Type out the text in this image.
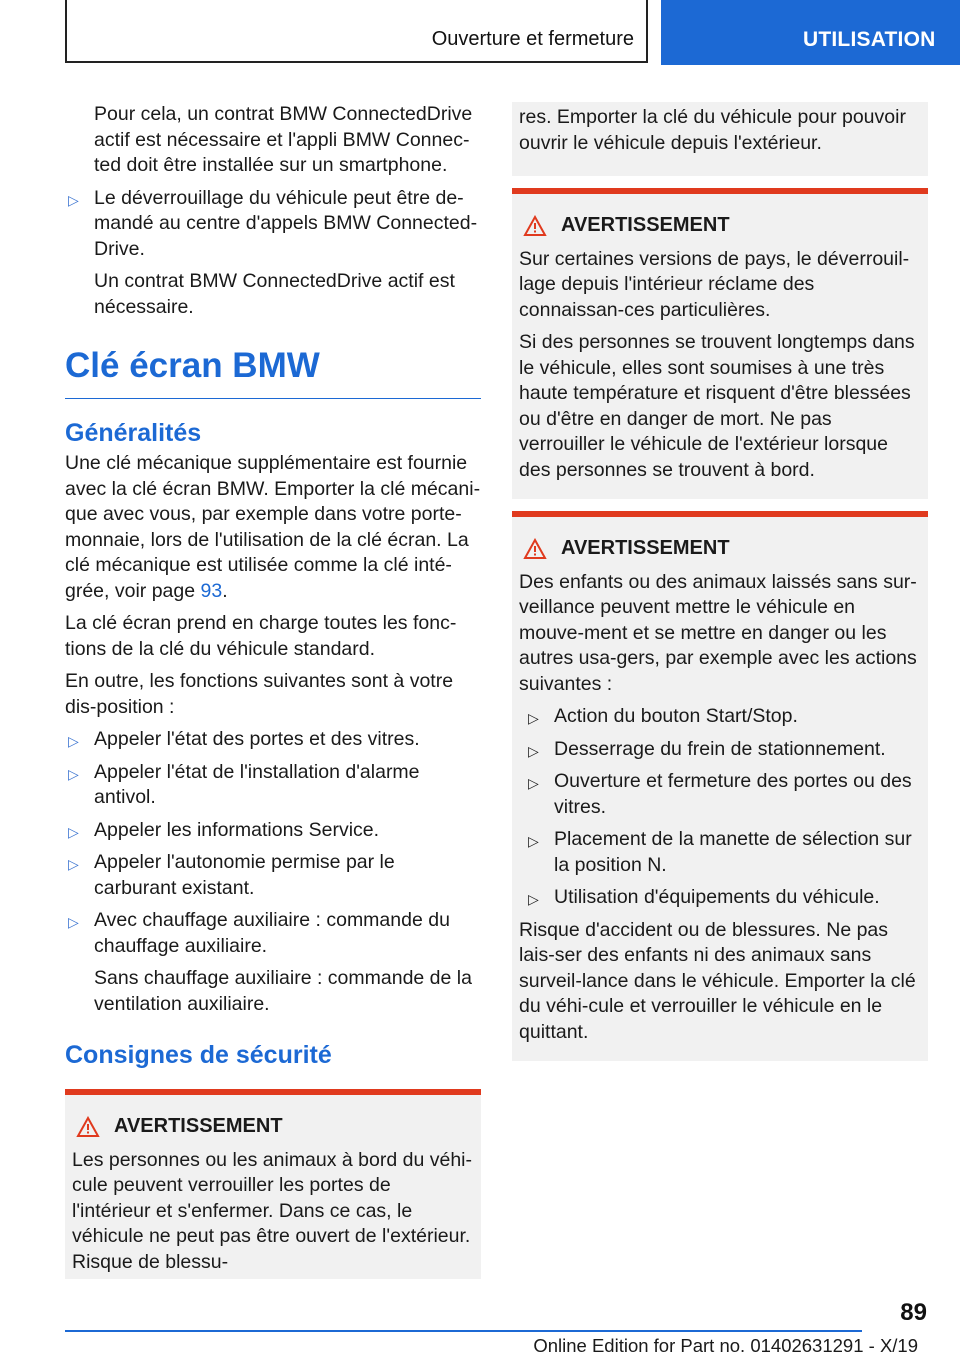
Ouverture et fermeture	UTILISATION

Pour cela, un contrat BMW ConnectedDrive actif est nécessaire et l'appli BMW Connec-ted doit être installée sur un smartphone.

▷ Le déverrouillage du véhicule peut être de-mandé au centre d'appels BMW Connected-Drive.

Un contrat BMW ConnectedDrive actif est nécessaire.

Clé écran BMW
Généralités

Une clé mécanique supplémentaire est fournie avec la clé écran BMW. Emporter la clé mécani-que avec vous, par exemple dans votre porte-monnaie, lors de l'utilisation de la clé écran. La clé mécanique est utilisée comme la clé inté-grée, voir page 93.

La clé écran prend en charge toutes les fonc-tions de la clé du véhicule standard.

En outre, les fonctions suivantes sont à votre dis-position :

▷ Appeler l'état des portes et des vitres.
▷ Appeler l'état de l'installation d'alarme antivol.
▷ Appeler les informations Service.
▷ Appeler l'autonomie permise par le carburant existant.
▷ Avec chauffage auxiliaire : commande du chauffage auxiliaire.

Sans chauffage auxiliaire : commande de la ventilation auxiliaire.

Consignes de sécurité
AVERTISSEMENT

Les personnes ou les animaux à bord du véhi-cule peuvent verrouiller les portes de l'intérieur et s'enfermer. Dans ce cas, le véhicule ne peut pas être ouvert de l'extérieur. Risque de blessu-

res. Emporter la clé du véhicule pour pouvoir ouvrir le véhicule depuis l'extérieur.

AVERTISSEMENT

Sur certaines versions de pays, le déverrouil-lage depuis l'intérieur réclame des connaissan-ces particulières.

Si des personnes se trouvent longtemps dans le véhicule, elles sont soumises à une très haute température et risquent d'être blessées ou d'être en danger de mort. Ne pas verrouiller le véhicule de l'extérieur lorsque des personnes se trouvent à bord.

AVERTISSEMENT

Des enfants ou des animaux laissés sans sur-veillance peuvent mettre le véhicule en mouve-ment et se mettre en danger ou les autres usa-gers, par exemple avec les actions suivantes :

▷ Action du bouton Start/Stop.
▷ Desserrage du frein de stationnement.
▷ Ouverture et fermeture des portes ou des vitres.
▷ Placement de la manette de sélection sur la position N.
▷ Utilisation d'équipements du véhicule.

Risque d'accident ou de blessures. Ne pas lais-ser des enfants ni des animaux sans surveil-lance dans le véhicule. Emporter la clé du véhi-cule et verrouiller le véhicule en le quittant.

89
Online Edition for Part no. 01402631291 - X/19
